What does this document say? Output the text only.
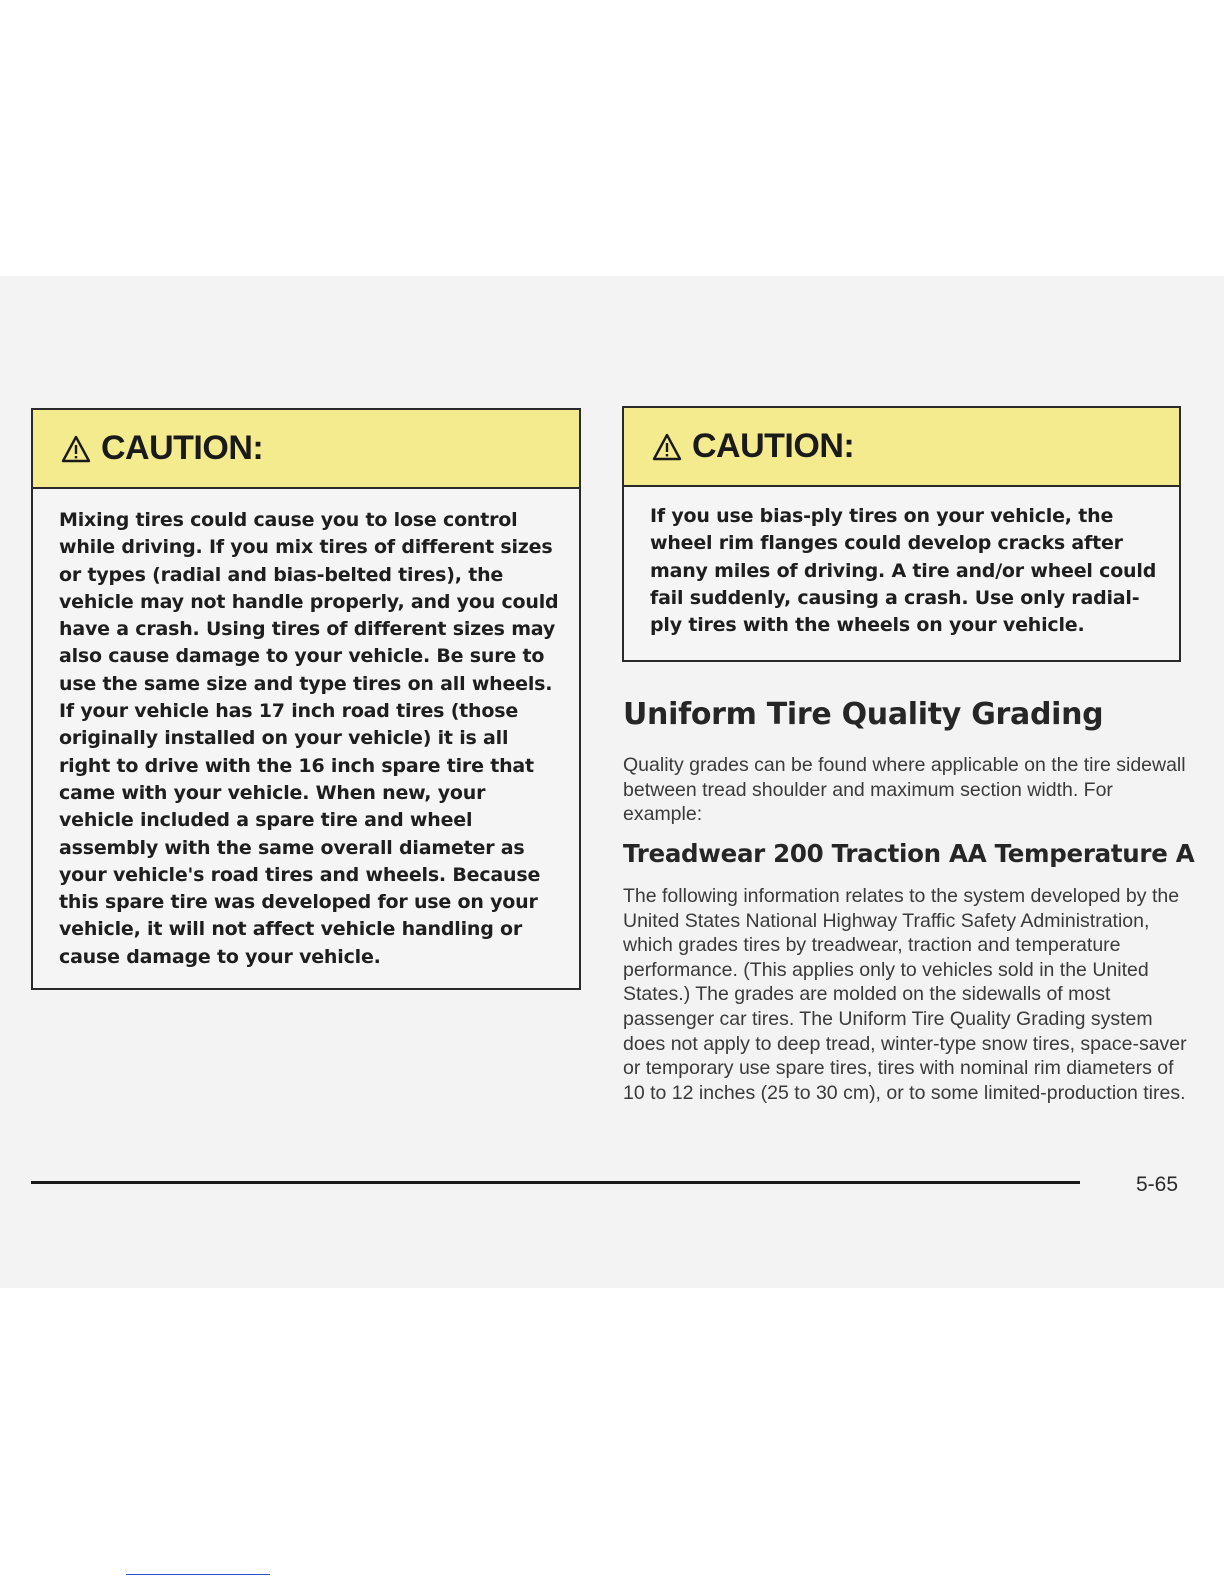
CAUTION:

Mixing tires could cause you to lose control while driving. If you mix tires of different sizes or types (radial and bias-belted tires), the vehicle may not handle properly, and you could have a crash. Using tires of different sizes may also cause damage to your vehicle. Be sure to use the same size and type tires on all wheels. If your vehicle has 17 inch road tires (those originally installed on your vehicle) it is all right to drive with the 16 inch spare tire that came with your vehicle. When new, your vehicle included a spare tire and wheel assembly with the same overall diameter as your vehicle's road tires and wheels. Because this spare tire was developed for use on your vehicle, it will not affect vehicle handling or cause damage to your vehicle.

CAUTION:

If you use bias-ply tires on your vehicle, the wheel rim flanges could develop cracks after many miles of driving. A tire and/or wheel could fail suddenly, causing a crash. Use only radial-ply tires with the wheels on your vehicle.

Uniform Tire Quality Grading

Quality grades can be found where applicable on the tire sidewall between tread shoulder and maximum section width. For example:

Treadwear 200 Traction AA Temperature A

The following information relates to the system developed by the United States National Highway Traffic Safety Administration, which grades tires by treadwear, traction and temperature performance. (This applies only to vehicles sold in the United States.) The grades are molded on the sidewalls of most passenger car tires. The Uniform Tire Quality Grading system does not apply to deep tread, winter-type snow tires, space-saver or temporary use spare tires, tires with nominal rim diameters of 10 to 12 inches (25 to 30 cm), or to some limited-production tires.

5-65
